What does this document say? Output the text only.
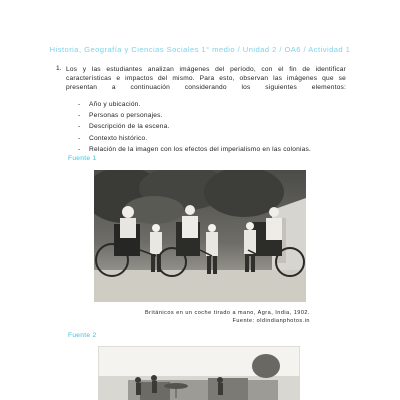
Historia, Geografía y Ciencias Sociales 1° medio / Unidad 2 / OA6 / Actividad 1
1. Los y las estudiantes analizan imágenes del período, con el fin de identificar
características e impactos del mismo. Para esto, observan las imágenes que se
presentan a continuación considerando los siguientes elementos:
- Año y ubicación.
- Personas o personajes.
- Descripción de la escena.
- Contexto histórico.
- Relación de la imagen con los efectos del imperialismo en las colonias.
Fuente 1
Británicos en un coche tirado a mano, Agra, India, 1902.
Fuente: oldindianphotos.in
Fuente 2
